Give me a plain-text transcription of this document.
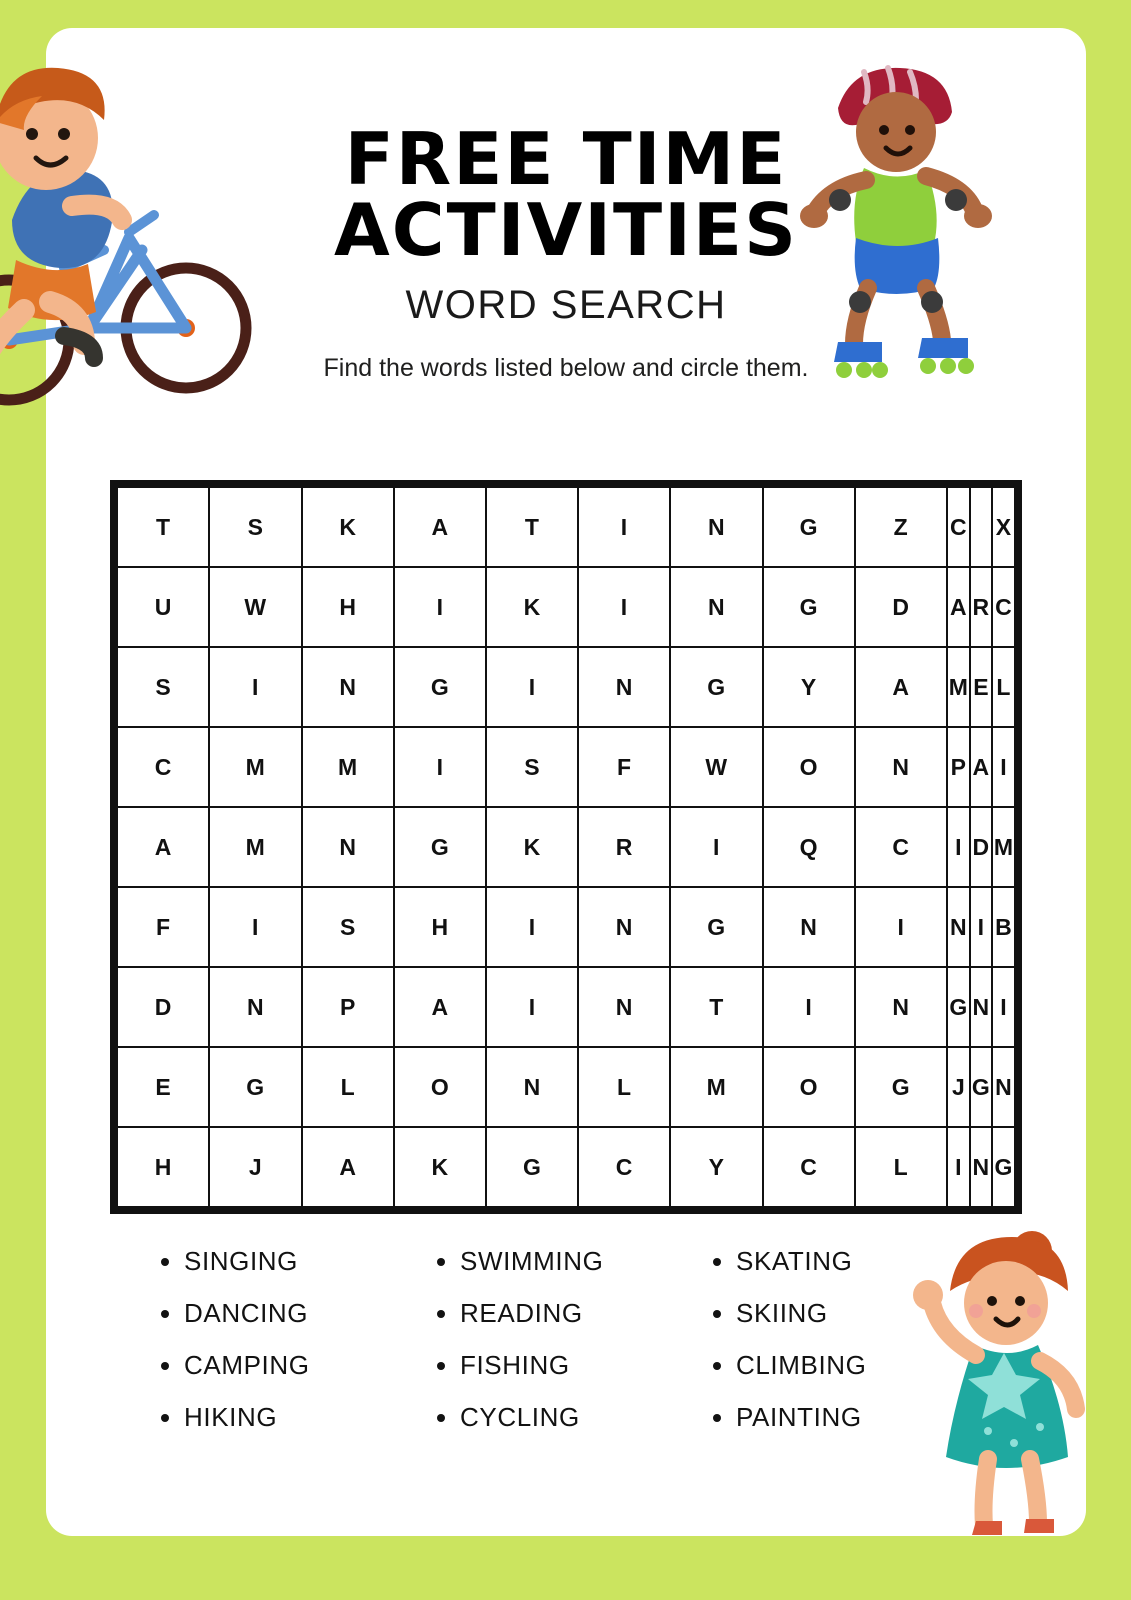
FREE TIME
ACTIVITIES
WORD SEARCH
Find the words listed below and circle them.
T	S	K	A	T	I	N	G	Z	C		X
U	W	H	I	K	I	N	G	D	A	R	C
S	I	N	G	I	N	G	Y	A	M	E	L
C	M	M	I	S	F	W	O	N	P	A	I
A	M	N	G	K	R	I	Q	C	I	D	M
F	I	S	H	I	N	G	N	I	N	I	B
D	N	P	A	I	N	T	I	N	G	N	I
E	G	L	O	N	L	M	O	G	J	G	N
H	J	A	K	G	C	Y	C	L	I	N	G
• SINGING
• DANCING
• CAMPING
• HIKING
• SWIMMING
• READING
• FISHING
• CYCLING
• SKATING
• SKIING
• CLIMBING
• PAINTING
